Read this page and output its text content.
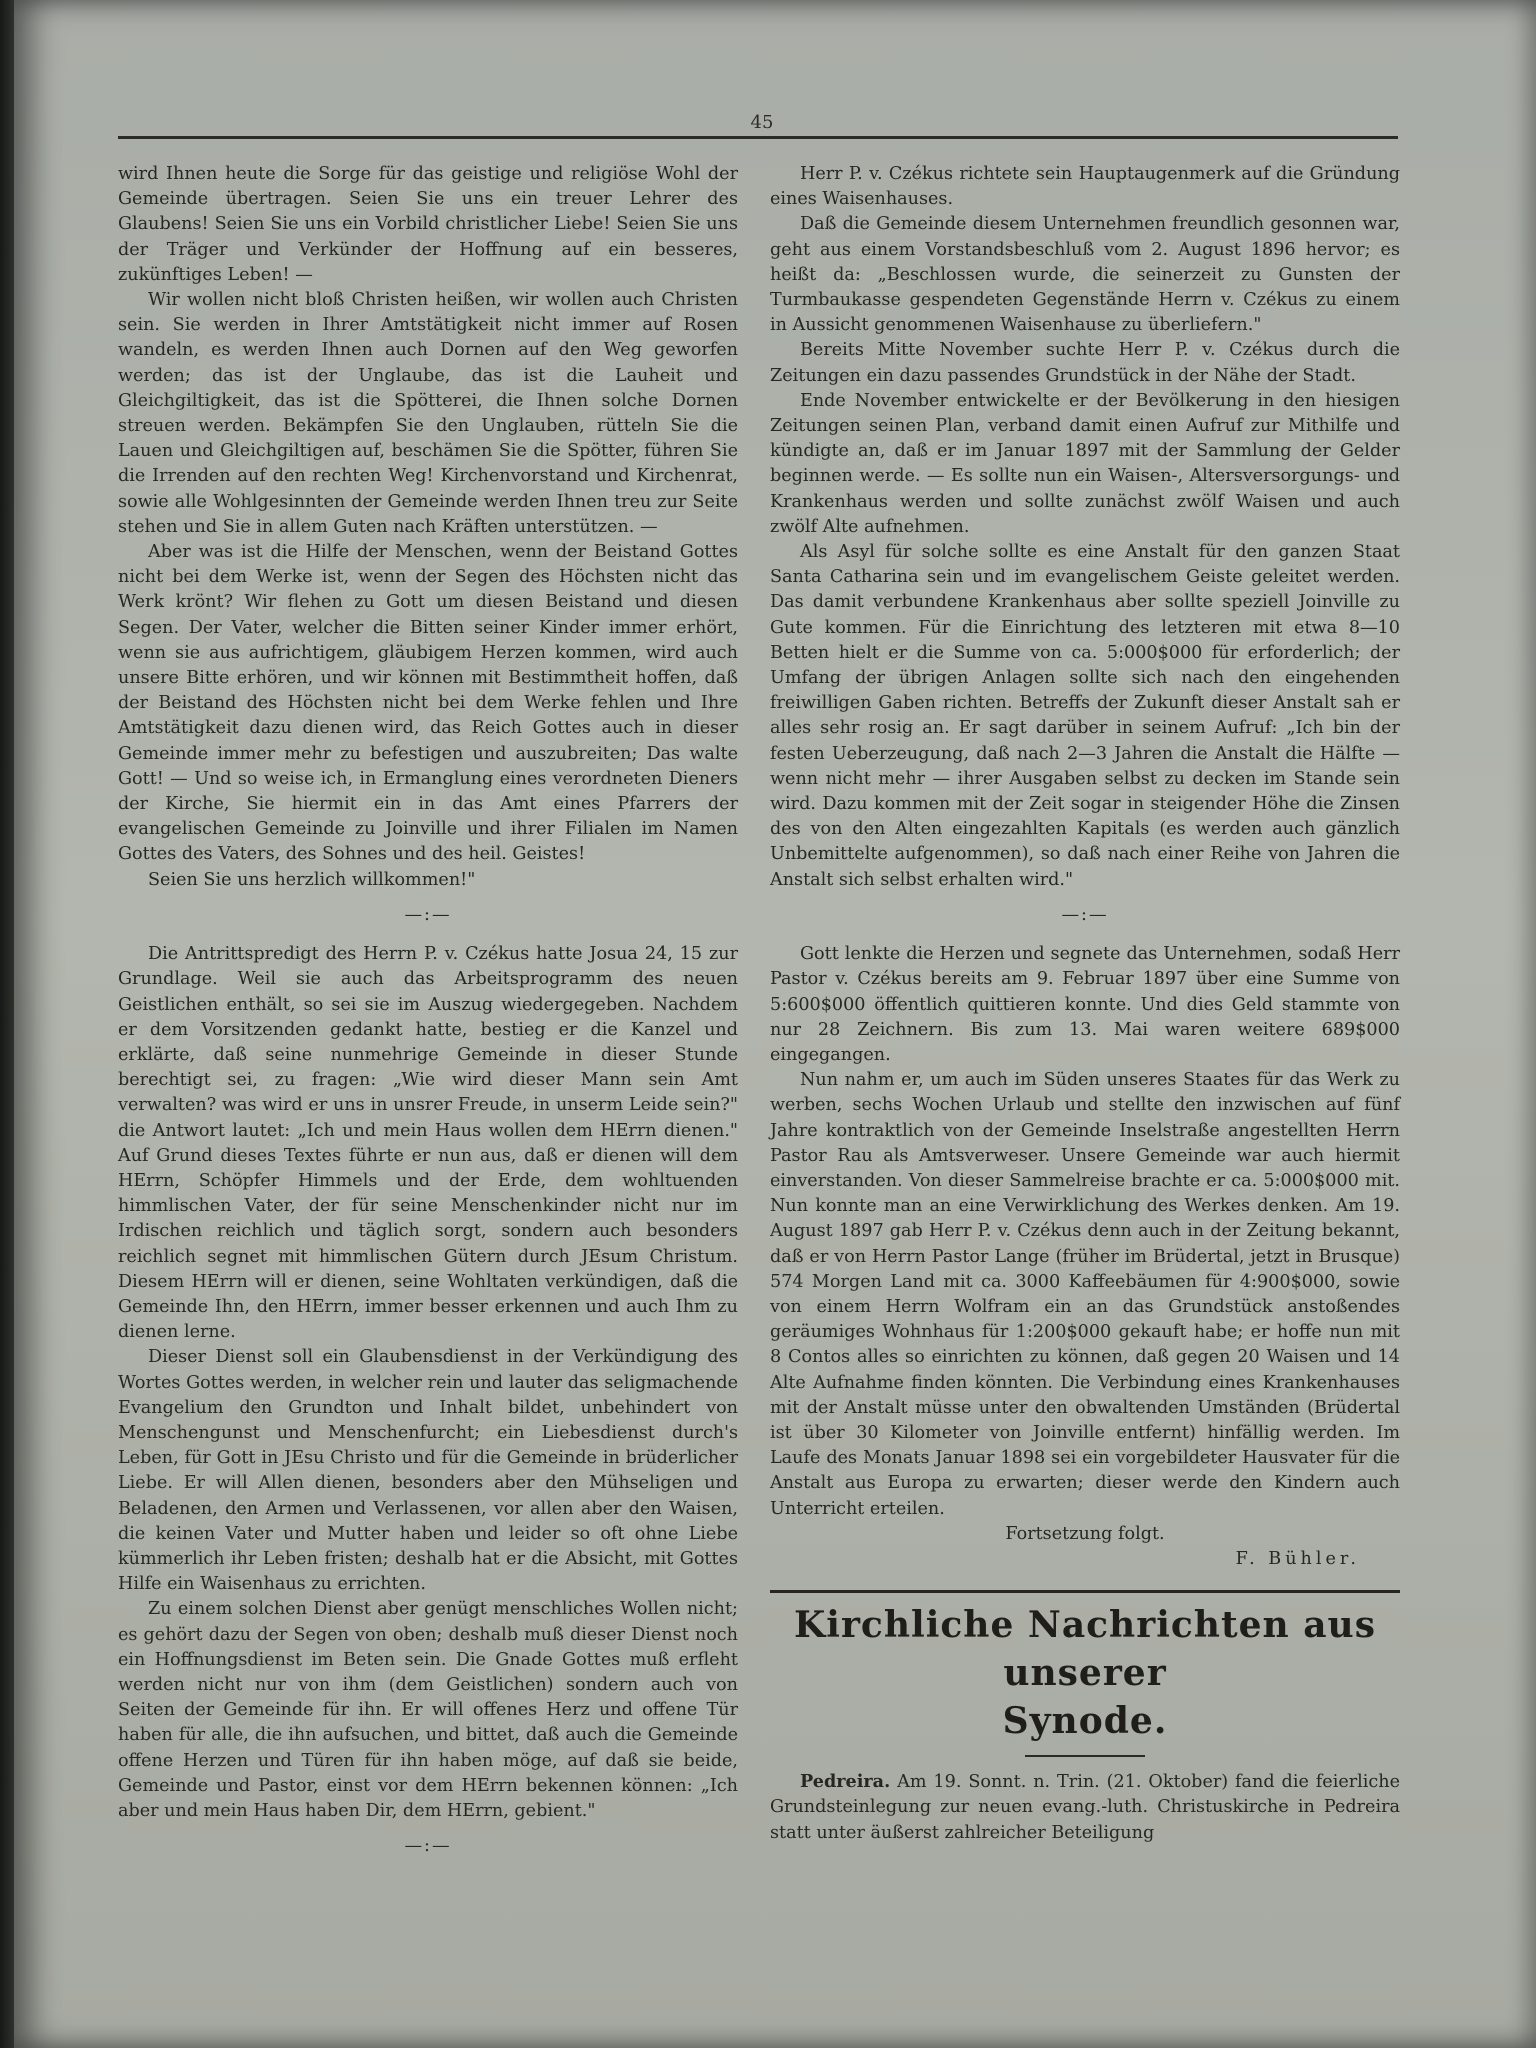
45

wird Ihnen heute die Sorge für das geistige und religiöse Wohl der Gemeinde übertragen. Seien Sie uns ein treuer Lehrer des Glaubens! Seien Sie uns ein Vorbild christlicher Liebe! Seien Sie uns der Träger und Verkünder der Hoffnung auf ein besseres, zukünftiges Leben! —

Wir wollen nicht bloß Christen heißen, wir wollen auch Christen sein. Sie werden in Ihrer Amtstätigkeit nicht immer auf Rosen wandeln, es werden Ihnen auch Dornen auf den Weg geworfen werden; das ist der Unglaube, das ist die Lauheit und Gleichgiltigkeit, das ist die Spötterei, die Ihnen solche Dornen streuen werden. Bekämpfen Sie den Unglauben, rütteln Sie die Lauen und Gleichgiltigen auf, beschämen Sie die Spötter, führen Sie die Irrenden auf den rechten Weg! Kirchenvorstand und Kirchenrat, sowie alle Wohlgesinnten der Gemeinde werden Ihnen treu zur Seite stehen und Sie in allem Guten nach Kräften unterstützen. —

Aber was ist die Hilfe der Menschen, wenn der Beistand Gottes nicht bei dem Werke ist, wenn der Segen des Höchsten nicht das Werk krönt? Wir flehen zu Gott um diesen Beistand und diesen Segen. Der Vater, welcher die Bitten seiner Kinder immer erhört, wenn sie aus aufrichtigem, gläubigem Herzen kommen, wird auch unsere Bitte erhören, und wir können mit Bestimmtheit hoffen, daß der Beistand des Höchsten nicht bei dem Werke fehlen und Ihre Amtstätigkeit dazu dienen wird, das Reich Gottes auch in dieser Gemeinde immer mehr zu befestigen und auszubreiten; Das walte Gott! — Und so weise ich, in Ermanglung eines verordneten Dieners der Kirche, Sie hiermit ein in das Amt eines Pfarrers der evangelischen Gemeinde zu Joinville und ihrer Filialen im Namen Gottes des Vaters, des Sohnes und des heil. Geistes!

Seien Sie uns herzlich willkommen!"

—:—

Die Antrittspredigt des Herrn P. v. Czékus hatte Josua 24, 15 zur Grundlage. Weil sie auch das Arbeitsprogramm des neuen Geistlichen enthält, so sei sie im Auszug wiedergegeben. Nachdem er dem Vorsitzenden gedankt hatte, bestieg er die Kanzel und erklärte, daß seine nunmehrige Gemeinde in dieser Stunde berechtigt sei, zu fragen: „Wie wird dieser Mann sein Amt verwalten? was wird er uns in unsrer Freude, in unserm Leide sein?" die Antwort lautet: „Ich und mein Haus wollen dem HErrn dienen." Auf Grund dieses Textes führte er nun aus, daß er dienen will dem HErrn, Schöpfer Himmels und der Erde, dem wohltuenden himmlischen Vater, der für seine Menschenkinder nicht nur im Irdischen reichlich und täglich sorgt, sondern auch besonders reichlich segnet mit himmlischen Gütern durch JEsum Christum. Diesem HErrn will er dienen, seine Wohltaten verkündigen, daß die Gemeinde Ihn, den HErrn, immer besser erkennen und auch Ihm zu dienen lerne.

Dieser Dienst soll ein Glaubensdienst in der Verkündigung des Wortes Gottes werden, in welcher rein und lauter das seligmachende Evangelium den Grundton und Inhalt bildet, unbehindert von Menschengunst und Menschenfurcht; ein Liebesdienst durch's Leben, für Gott in JEsu Christo und für die Gemeinde in brüderlicher Liebe. Er will Allen dienen, besonders aber den Mühseligen und Beladenen, den Armen und Verlassenen, vor allen aber den Waisen, die keinen Vater und Mutter haben und leider so oft ohne Liebe kümmerlich ihr Leben fristen; deshalb hat er die Absicht, mit Gottes Hilfe ein Waisenhaus zu errichten.

Zu einem solchen Dienst aber genügt menschliches Wollen nicht; es gehört dazu der Segen von oben; deshalb muß dieser Dienst noch ein Hoffnungsdienst im Beten sein. Die Gnade Gottes muß erfleht werden nicht nur von ihm (dem Geistlichen) sondern auch von Seiten der Gemeinde für ihn. Er will offenes Herz und offene Tür haben für alle, die ihn aufsuchen, und bittet, daß auch die Gemeinde offene Herzen und Türen für ihn haben möge, auf daß sie beide, Gemeinde und Pastor, einst vor dem HErrn bekennen können: „Ich aber und mein Haus haben Dir, dem HErrn, gebient."

—:—

Herr P. v. Czékus richtete sein Hauptaugenmerk auf die Gründung eines Waisenhauses.

Daß die Gemeinde diesem Unternehmen freundlich gesonnen war, geht aus einem Vorstandsbeschluß vom 2. August 1896 hervor; es heißt da: „Beschlossen wurde, die seinerzeit zu Gunsten der Turmbaukasse gespendeten Gegenstände Herrn v. Czékus zu einem in Aussicht genommenen Waisenhause zu überliefern."

Bereits Mitte November suchte Herr P. v. Czékus durch die Zeitungen ein dazu passendes Grundstück in der Nähe der Stadt.

Ende November entwickelte er der Bevölkerung in den hiesigen Zeitungen seinen Plan, verband damit einen Aufruf zur Mithilfe und kündigte an, daß er im Januar 1897 mit der Sammlung der Gelder beginnen werde. — Es sollte nun ein Waisen-, Altersversorgungs- und Krankenhaus werden und sollte zunächst zwölf Waisen und auch zwölf Alte aufnehmen.

Als Asyl für solche sollte es eine Anstalt für den ganzen Staat Santa Catharina sein und im evangelischem Geiste geleitet werden. Das damit verbundene Krankenhaus aber sollte speziell Joinville zu Gute kommen. Für die Einrichtung des letzteren mit etwa 8—10 Betten hielt er die Summe von ca. 5:000$000 für erforderlich; der Umfang der übrigen Anlagen sollte sich nach den eingehenden freiwilligen Gaben richten. Betreffs der Zukunft dieser Anstalt sah er alles sehr rosig an. Er sagt darüber in seinem Aufruf: „Ich bin der festen Ueberzeugung, daß nach 2—3 Jahren die Anstalt die Hälfte — wenn nicht mehr — ihrer Ausgaben selbst zu decken im Stande sein wird. Dazu kommen mit der Zeit sogar in steigender Höhe die Zinsen des von den Alten eingezahlten Kapitals (es werden auch gänzlich Unbemittelte aufgenommen), so daß nach einer Reihe von Jahren die Anstalt sich selbst erhalten wird."

—:—

Gott lenkte die Herzen und segnete das Unternehmen, sodaß Herr Pastor v. Czékus bereits am 9. Februar 1897 über eine Summe von 5:600$000 öffentlich quittieren konnte. Und dies Geld stammte von nur 28 Zeichnern. Bis zum 13. Mai waren weitere 689$000 eingegangen.

Nun nahm er, um auch im Süden unseres Staates für das Werk zu werben, sechs Wochen Urlaub und stellte den inzwischen auf fünf Jahre kontraktlich von der Gemeinde Inselstraße angestellten Herrn Pastor Rau als Amtsverweser. Unsere Gemeinde war auch hiermit einverstanden. Von dieser Sammelreise brachte er ca. 5:000$000 mit. Nun konnte man an eine Verwirklichung des Werkes denken. Am 19. August 1897 gab Herr P. v. Czékus denn auch in der Zeitung bekannt, daß er von Herrn Pastor Lange (früher im Brüdertal, jetzt in Brusque) 574 Morgen Land mit ca. 3000 Kaffeebäumen für 4:900$000, sowie von einem Herrn Wolfram ein an das Grundstück anstoßendes geräumiges Wohnhaus für 1:200$000 gekauft habe; er hoffe nun mit 8 Contos alles so einrichten zu können, daß gegen 20 Waisen und 14 Alte Aufnahme finden könnten. Die Verbindung eines Krankenhauses mit der Anstalt müsse unter den obwaltenden Umständen (Brüdertal ist über 30 Kilometer von Joinville entfernt) hinfällig werden. Im Laufe des Monats Januar 1898 sei ein vorgebildeter Hausvater für die Anstalt aus Europa zu erwarten; dieser werde den Kindern auch Unterricht erteilen.

Fortsetzung folgt.

F. Bühler.

Kirchliche Nachrichten aus unserer
Synode.

Pedreira. Am 19. Sonnt. n. Trin. (21. Oktober) fand die feierliche Grundsteinlegung zur neuen evang.-luth. Christuskirche in Pedreira statt unter äußerst zahlreicher Beteiligung
